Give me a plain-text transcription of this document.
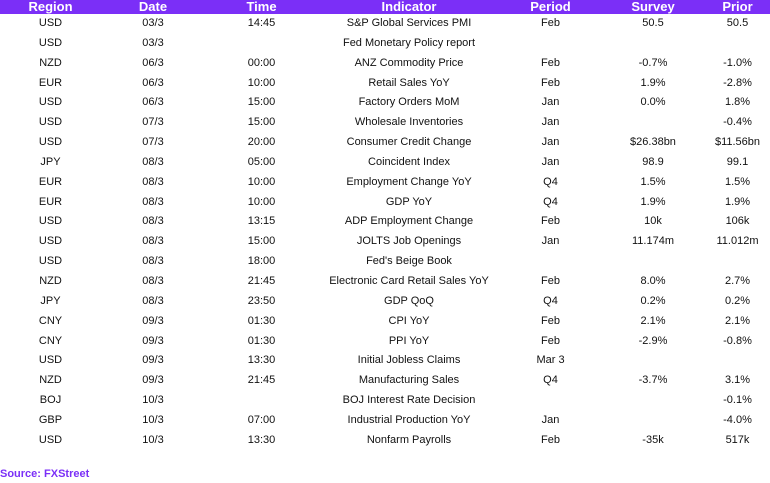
Region	Date	Time	Indicator	Period	Survey	Prior
USD	03/3	14:45	S&P Global Services PMI	Feb	50.5	50.5
USD	03/3		Fed Monetary Policy report			
NZD	06/3	00:00	ANZ Commodity Price	Feb	-0.7%	-1.0%
EUR	06/3	10:00	Retail Sales YoY	Feb	1.9%	-2.8%
USD	06/3	15:00	Factory Orders MoM	Jan	0.0%	1.8%
USD	07/3	15:00	Wholesale Inventories	Jan		-0.4%
USD	07/3	20:00	Consumer Credit Change	Jan	$26.38bn	$11.56bn
JPY	08/3	05:00	Coincident Index	Jan	98.9	99.1
EUR	08/3	10:00	Employment Change YoY	Q4	1.5%	1.5%
EUR	08/3	10:00	GDP YoY	Q4	1.9%	1.9%
USD	08/3	13:15	ADP Employment Change	Feb	10k	106k
USD	08/3	15:00	JOLTS Job Openings	Jan	11.174m	11.012m
USD	08/3	18:00	Fed's Beige Book			
NZD	08/3	21:45	Electronic Card Retail Sales YoY	Feb	8.0%	2.7%
JPY	08/3	23:50	GDP QoQ	Q4	0.2%	0.2%
CNY	09/3	01:30	CPI YoY	Feb	2.1%	2.1%
CNY	09/3	01:30	PPI YoY	Feb	-2.9%	-0.8%
USD	09/3	13:30	Initial Jobless Claims	Mar 3		
NZD	09/3	21:45	Manufacturing Sales	Q4	-3.7%	3.1%
BOJ	10/3		BOJ Interest Rate Decision			-0.1%
GBP	10/3	07:00	Industrial Production YoY	Jan		-4.0%
USD	10/3	13:30	Nonfarm Payrolls	Feb	-35k	517k
Source: FXStreet
